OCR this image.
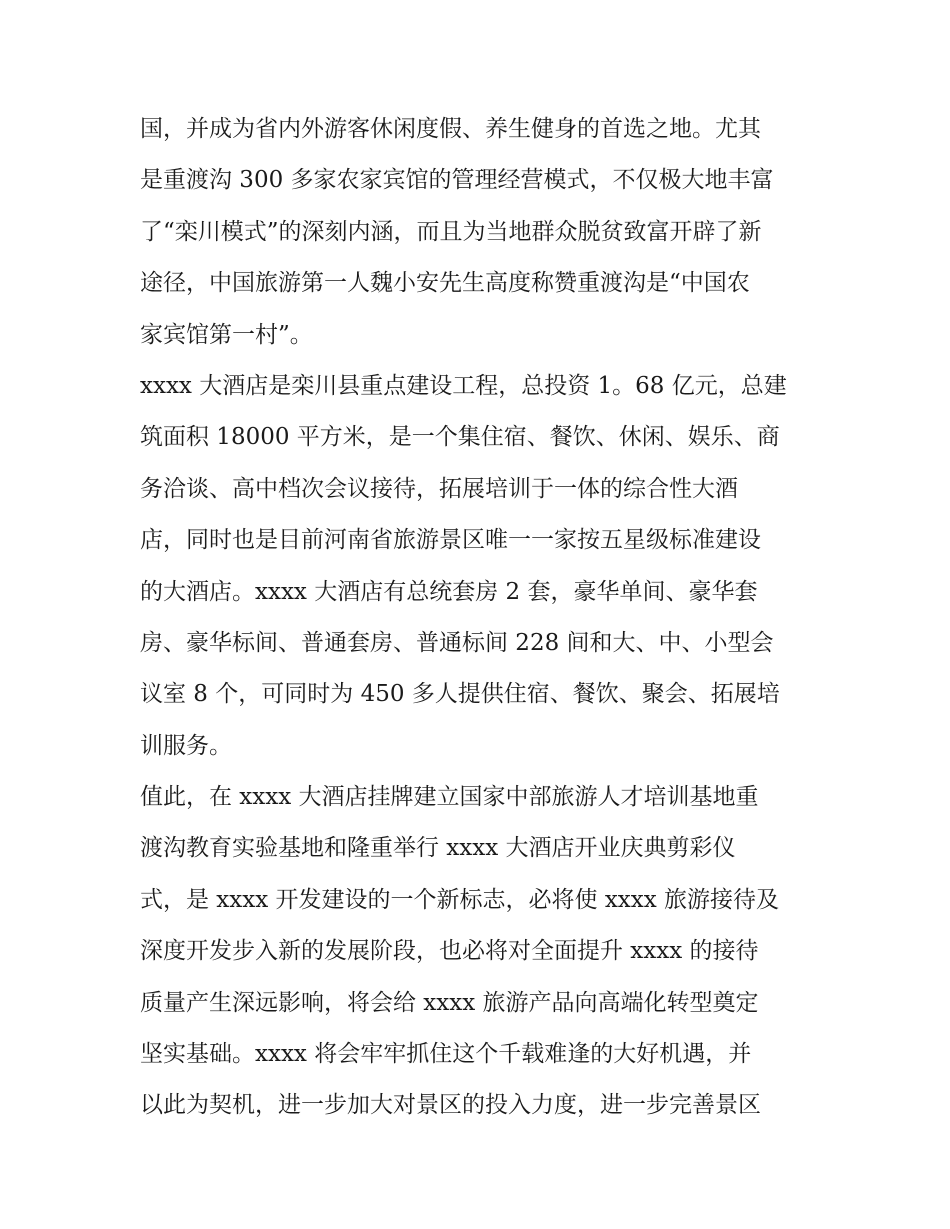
国，并成为省内外游客休闲度假、养生健身的首选之地。尤其
是重渡沟 300 多家农家宾馆的管理经营模式，不仅极大地丰富
了“栾川模式”的深刻内涵，而且为当地群众脱贫致富开辟了新
途径，中国旅游第一人魏小安先生高度称赞重渡沟是“中国农
家宾馆第一村”。
xxxx 大酒店是栾川县重点建设工程，总投资 1。68 亿元，总建
筑面积 18000 平方米，是一个集住宿、餐饮、休闲、娱乐、商
务洽谈、高中档次会议接待，拓展培训于一体的综合性大酒
店，同时也是目前河南省旅游景区唯一一家按五星级标准建设
的大酒店。xxxx 大酒店有总统套房 2 套，豪华单间、豪华套
房、豪华标间、普通套房、普通标间 228 间和大、中、小型会
议室 8 个，可同时为 450 多人提供住宿、餐饮、聚会、拓展培
训服务。
值此，在 xxxx 大酒店挂牌建立国家中部旅游人才培训基地重
渡沟教育实验基地和隆重举行 xxxx 大酒店开业庆典剪彩仪
式，是 xxxx 开发建设的一个新标志，必将使 xxxx 旅游接待及
深度开发步入新的发展阶段，也必将对全面提升 xxxx 的接待
质量产生深远影响，将会给 xxxx 旅游产品向高端化转型奠定
坚实基础。xxxx 将会牢牢抓住这个千载难逢的大好机遇，并
以此为契机，进一步加大对景区的投入力度，进一步完善景区
